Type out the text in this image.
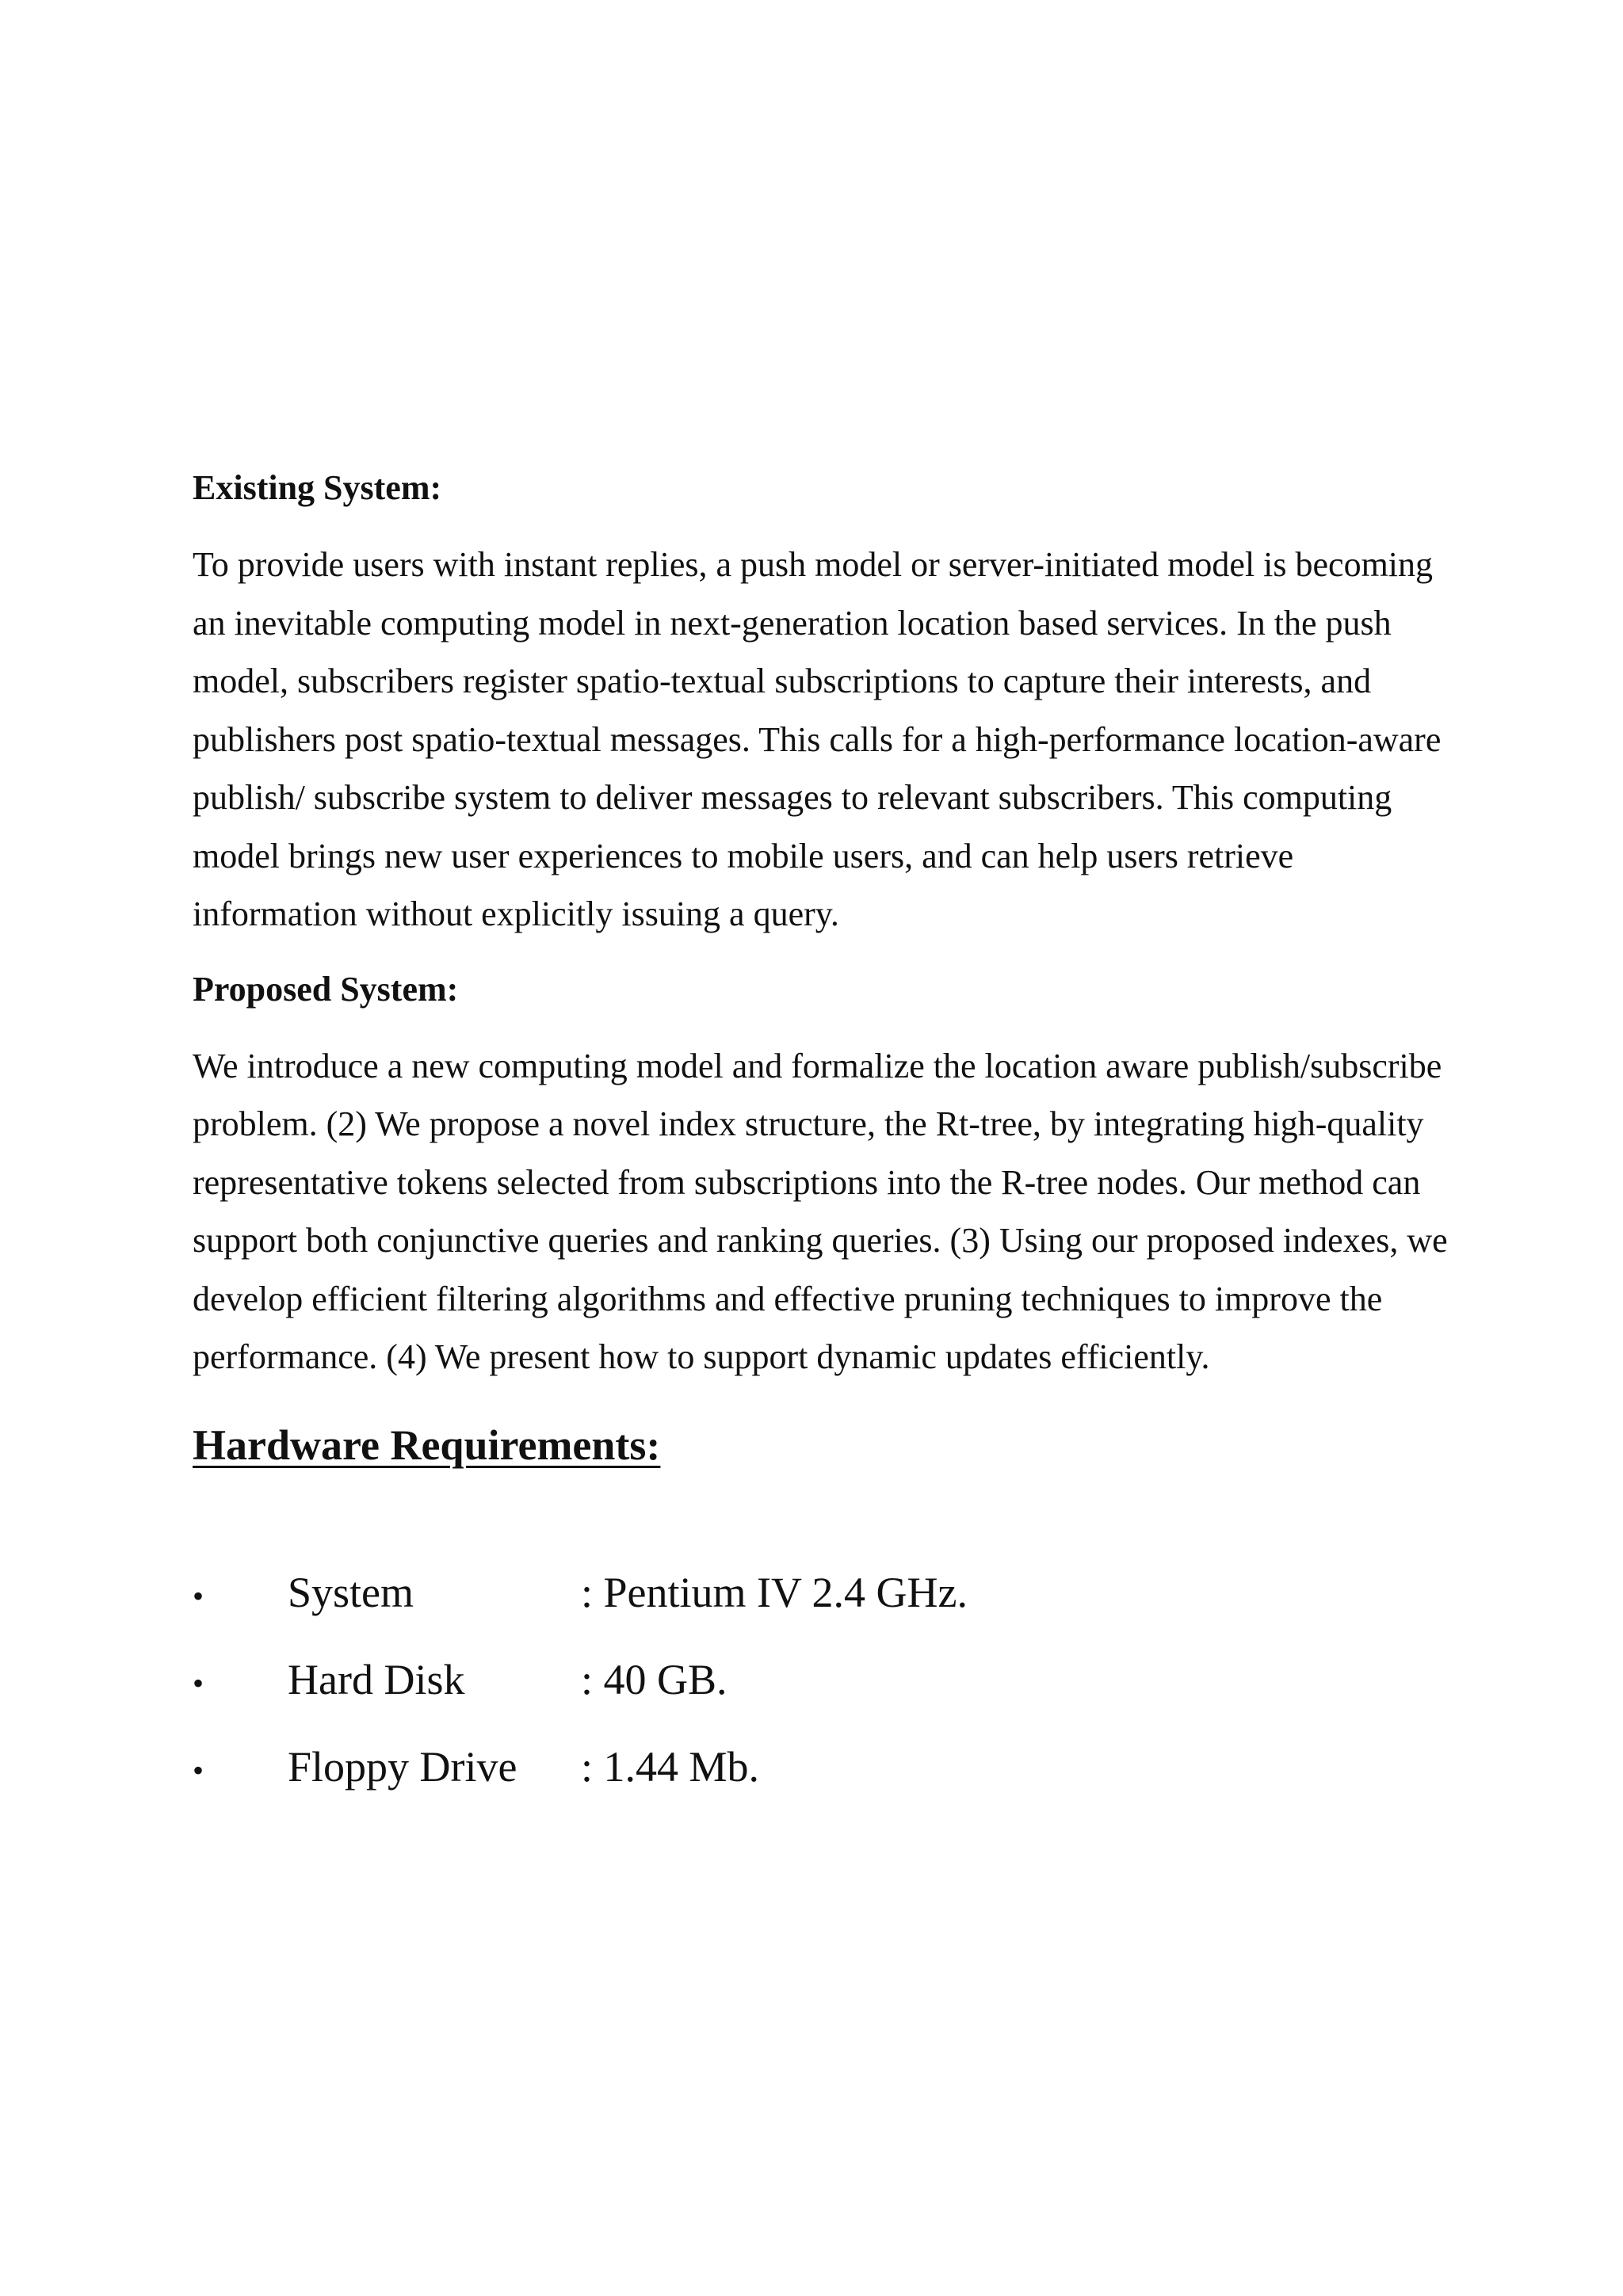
Existing System:

To provide users with instant replies, a push model or server-initiated model is becoming an inevitable computing model in next-generation location based services. In the push model, subscribers register spatio-textual subscriptions to capture their interests, and publishers post spatio-textual messages. This calls for a high-performance location-aware publish/ subscribe system to deliver messages to relevant subscribers. This computing model brings new user experiences to mobile users, and can help users retrieve information without explicitly issuing a query.

Proposed System:

We introduce a new computing model and formalize the location aware publish/subscribe problem. (2) We propose a novel index structure, the Rt-tree, by integrating high-quality representative tokens selected from subscriptions into the R-tree nodes. Our method can support both conjunctive queries and ranking queries. (3) Using our proposed indexes, we develop efficient filtering algorithms and effective pruning techniques to improve the performance. (4) We present how to support dynamic updates efficiently.

Hardware Requirements:
•	System	: Pentium IV 2.4 GHz.
•	Hard Disk	: 40 GB.
•	Floppy Drive	: 1.44 Mb.
